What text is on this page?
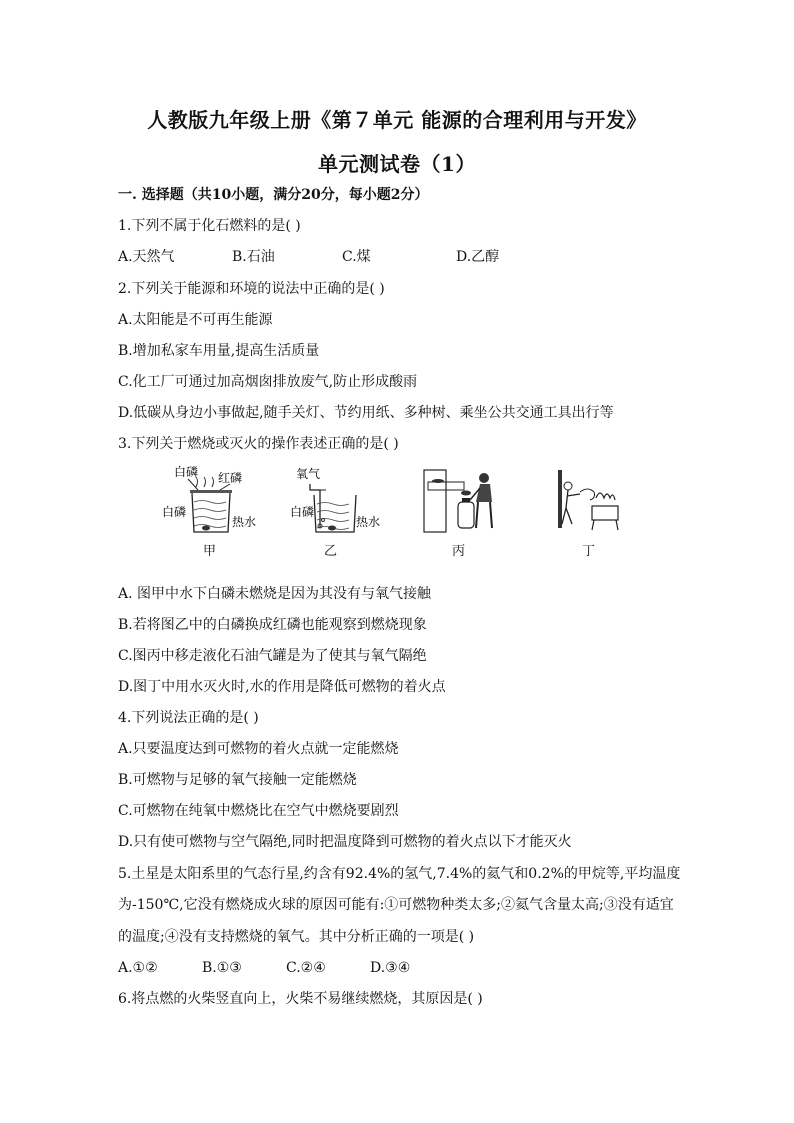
人教版九年级上册《第７单元 能源的合理利用与开发》
单元测试卷（1）
一. 选择题（共10小题，满分20分，每小题2分）
1.下列不属于化石燃料的是( )
A.天然气	B.石油	C.煤	D.乙醇
2.下列关于能源和环境的说法中正确的是( )
A.太阳能是不可再生能源
B.增加私家车用量,提高生活质量
C.化工厂可通过加高烟囱排放废气,防止形成酸雨
D.低碳从身边小事做起,随手关灯、节约用纸、多种树、乘坐公共交通工具出行等
3.下列关于燃烧或灭火的操作表述正确的是( )
白磷 红磷
白磷
热水
甲
氧气
白磷
热水
乙	丙	丁
A. 图甲中水下白磷未燃烧是因为其没有与氧气接触
B.若将图乙中的白磷换成红磷也能观察到燃烧现象
C.图丙中移走液化石油气罐是为了使其与氧气隔绝
D.图丁中用水灭火时,水的作用是降低可燃物的着火点
4.下列说法正确的是( )
A.只要温度达到可燃物的着火点就一定能燃烧
B.可燃物与足够的氧气接触一定能燃烧
C.可燃物在纯氧中燃烧比在空气中燃烧要剧烈
D.只有使可燃物与空气隔绝,同时把温度降到可燃物的着火点以下才能灭火
5.土星是太阳系里的气态行星,约含有92.4%的氢气,7.4%的氦气和0.2%的甲烷等,平均温度
为-150℃,它没有燃烧成火球的原因可能有:①可燃物种类太多;②氦气含量太高;③没有适宜
的温度;④没有支持燃烧的氧气。其中分析正确的一项是( )
A.①②	B.①③	C.②④	D.③④
6.将点燃的火柴竖直向上，火柴不易继续燃烧，其原因是( )
